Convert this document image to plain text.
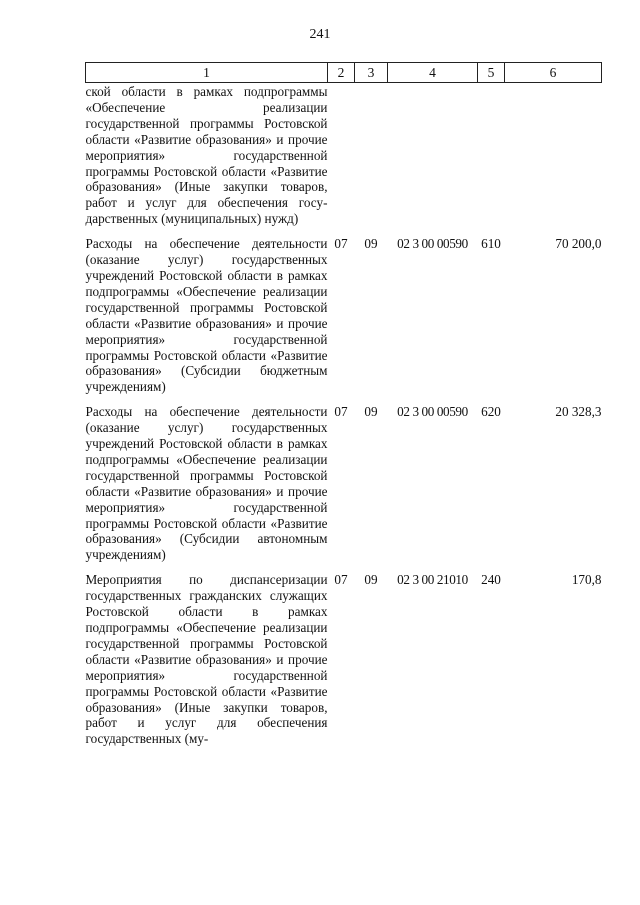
241
1	2	3	4	5	6
ской области в рамках подпрограммы «Обеспечение реализации государственной программы Ростовской области «Развитие образования» и прочие мероприятия» государственной программы Ростовской области «Развитие образования» (Иные закупки товаров, работ и услуг для обеспечения государственных (муниципальных) нужд)					
Расходы на обеспечение деятельности (оказание услуг) государственных учреждений Ростовской области в рамках подпрограммы «Обеспечение реализации государственной программы Ростовской области «Развитие образования» и прочие мероприятия» государственной программы Ростовской области «Развитие образования» (Субсидии бюджетным учреждениям)	07	09	02 3 00 00590	610	70 200,0
Расходы на обеспечение деятельности (оказание услуг) государственных учреждений Ростовской области в рамках подпрограммы «Обеспечение реализации государственной программы Ростовской области «Развитие образования» и прочие мероприятия» государственной программы Ростовской области «Развитие образования» (Субсидии автономным учреждениям)	07	09	02 3 00 00590	620	20 328,3
Мероприятия по диспансеризации государственных гражданских служащих Ростовской области в рамках подпрограммы «Обеспечение реализации государственной программы Ростовской области «Развитие образования» и прочие мероприятия» государственной программы Ростовской области «Развитие образования» (Иные закупки товаров, работ и услуг для обеспечения государственных (му-	07	09	02 3 00 21010	240	170,8
